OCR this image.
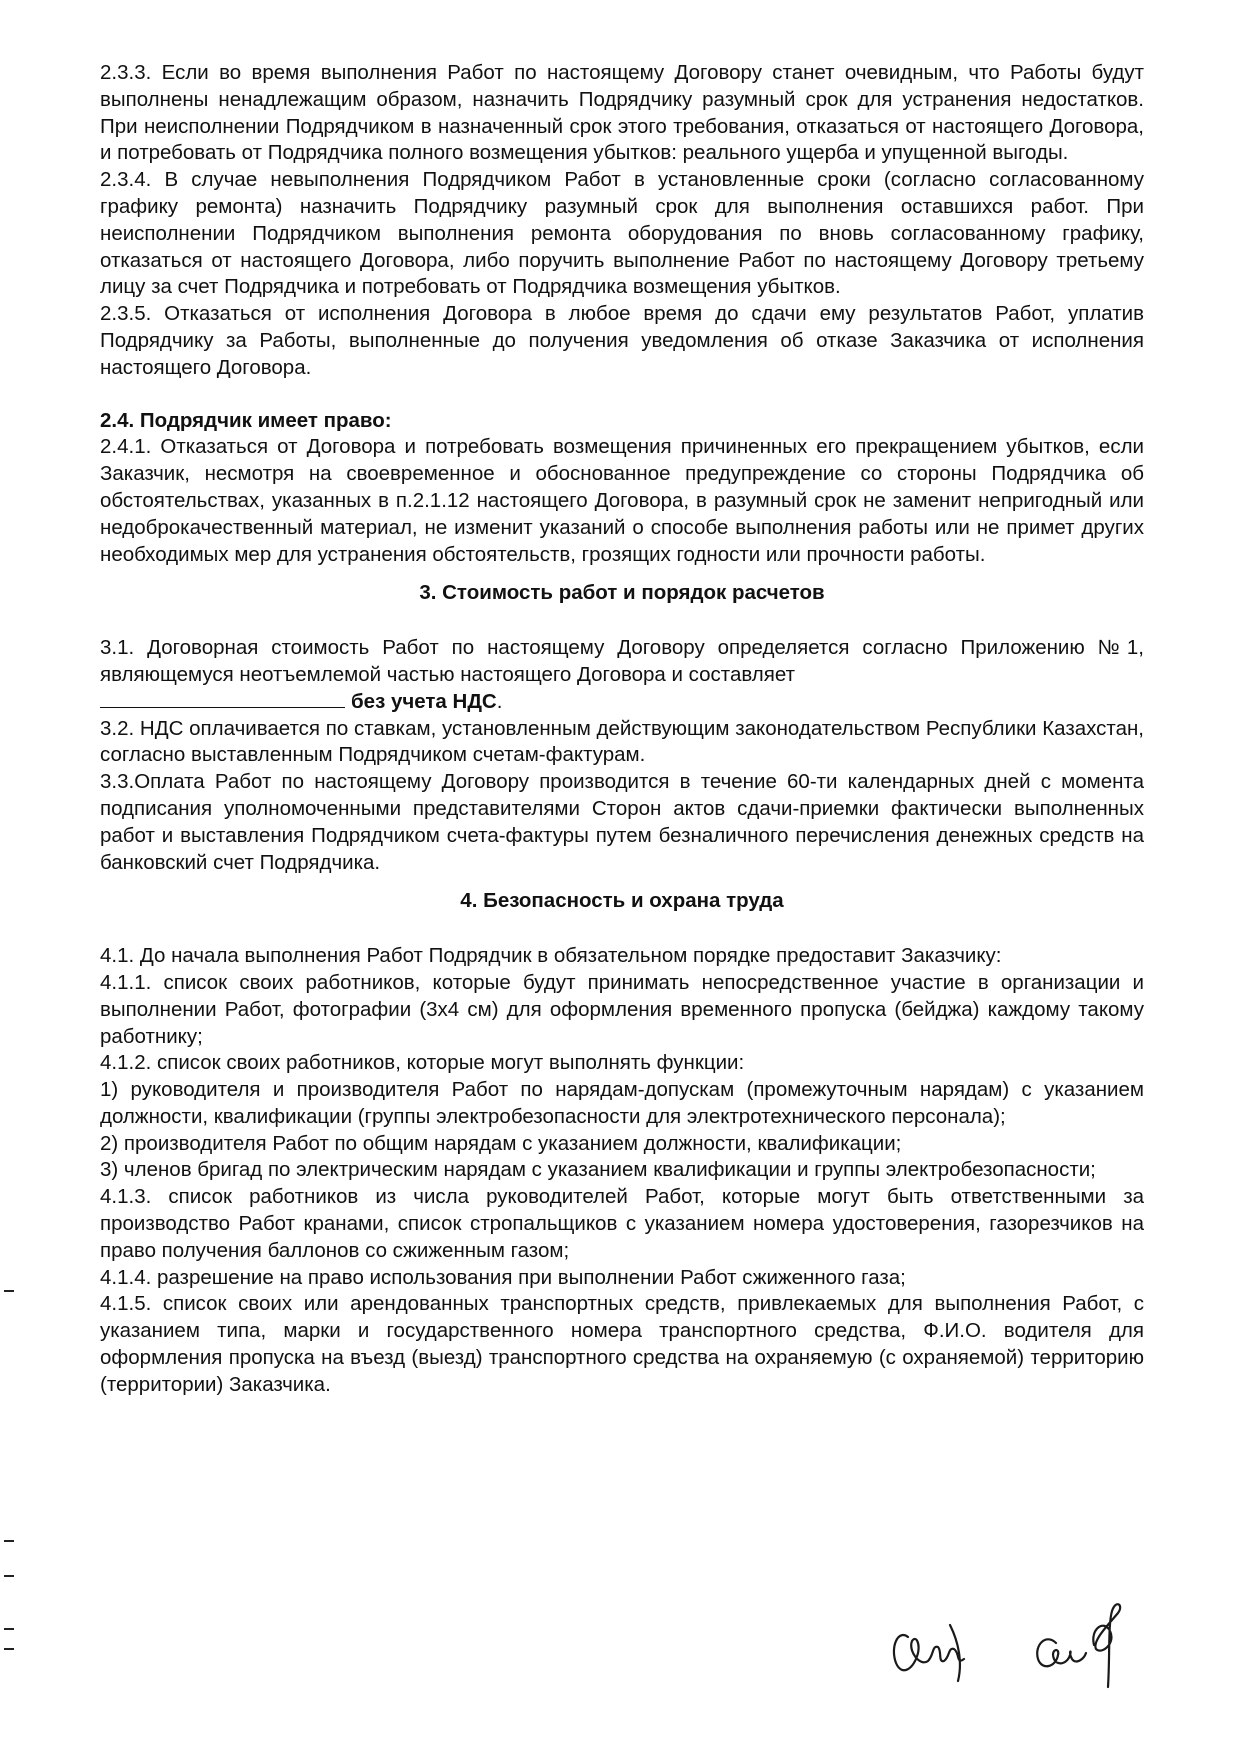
2.3.3. Если во время выполнения Работ по настоящему Договору станет очевидным, что Работы будут выполнены ненадлежащим образом, назначить Подрядчику разумный срок для устранения недостатков. При неисполнении Подрядчиком в назначенный срок этого требования, отказаться от настоящего Договора, и потребовать от Подрядчика полного возмещения убытков: реального ущерба и упущенной выгоды.

2.3.4. В случае невыполнения Подрядчиком Работ в установленные сроки (согласно согласованному графику ремонта) назначить Подрядчику разумный срок для выполнения оставшихся работ. При неисполнении Подрядчиком выполнения ремонта оборудования по вновь согласованному графику, отказаться от настоящего Договора, либо поручить выполнение Работ по настоящему Договору третьему лицу за счет Подрядчика и потребовать от Подрядчика возмещения убытков.

2.3.5. Отказаться от исполнения Договора в любое время до сдачи ему результатов Работ, уплатив Подрядчику за Работы, выполненные до получения уведомления об отказе Заказчика от исполнения настоящего Договора.

2.4. Подрядчик имеет право:

2.4.1. Отказаться от Договора и потребовать возмещения причиненных его прекращением убытков, если Заказчик, несмотря на своевременное и обоснованное предупреждение со стороны Подрядчика об обстоятельствах, указанных в п.2.1.12 настоящего Договора, в разумный срок не заменит непригодный или недоброкачественный материал, не изменит указаний о способе выполнения работы или не примет других необходимых мер для устранения обстоятельств, грозящих годности или прочности работы.

3. Стоимость работ и порядок расчетов

3.1. Договорная стоимость Работ по настоящему Договору определяется согласно Приложению №1, являющемуся неотъемлемой частью настоящего Договора и составляет
без учета НДС.

3.2. НДС оплачивается по ставкам, установленным действующим законодательством Республики Казахстан, согласно выставленным Подрядчиком счетам-фактурам.

3.3.Оплата Работ по настоящему Договору производится в течение 60-ти календарных дней с момента подписания уполномоченными представителями Сторон актов сдачи-приемки фактически выполненных работ и выставления Подрядчиком счета-фактуры путем безналичного перечисления денежных средств на банковский счет Подрядчика.

4. Безопасность и охрана труда

4.1. До начала выполнения Работ Подрядчик в обязательном порядке предоставит Заказчику:

4.1.1. список своих работников, которые будут принимать непосредственное участие в организации и выполнении Работ, фотографии (3х4 см) для оформления временного пропуска (бейджа) каждому такому работнику;

4.1.2. список своих работников, которые могут выполнять функции:

1) руководителя и производителя Работ по нарядам-допускам (промежуточным нарядам) с указанием должности, квалификации (группы электробезопасности для электротехнического персонала);

2) производителя Работ по общим нарядам с указанием должности, квалификации;

3) членов бригад по электрическим нарядам с указанием квалификации и группы электробезопасности;

4.1.3. список работников из числа руководителей Работ, которые могут быть ответственными за производство Работ кранами, список стропальщиков с указанием номера удостоверения, газорезчиков на право получения баллонов со сжиженным газом;

4.1.4. разрешение на право использования при выполнении Работ сжиженного газа;

4.1.5. список своих или арендованных транспортных средств, привлекаемых для выполнения Работ, с указанием типа, марки и государственного номера транспортного средства, Ф.И.О. водителя для оформления пропуска на въезд (выезд) транспортного средства на охраняемую (с охраняемой) территорию (территории) Заказчика.
